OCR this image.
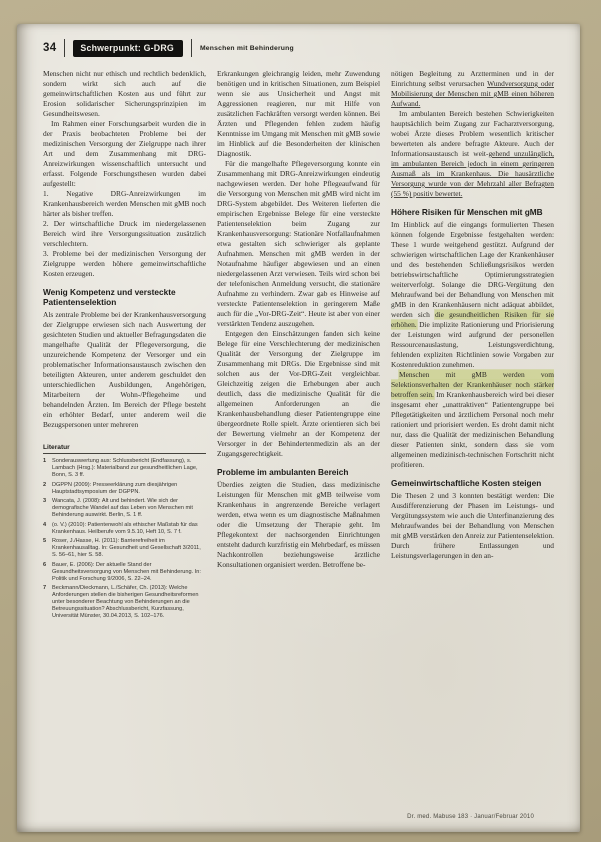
34	Schwerpunkt: G-DRG	Menschen mit Behinderung

Menschen nicht nur ethisch und rechtlich bedenklich, sondern wirkt sich auch auf die gemeinwirtschaftlichen Kosten aus und führt zur Erosion solidarischer Sicherungsprinzipien im Gesundheitswesen.

Im Rahmen einer Forschungsarbeit wurden die in der Praxis beobachteten Probleme bei der medizinischen Versorgung der Zielgruppe nach ihrer Art und dem Zusammenhang mit DRG-Anreizwirkungen wissenschaftlich untersucht und erfasst. Folgende Forschungsthesen wurden dabei aufgestellt:

1. Negative DRG-Anreizwirkungen im Krankenhausbereich werden Menschen mit gMB noch härter als bisher treffen.

2. Der wirtschaftliche Druck im niedergelassenen Bereich wird ihre Versorgungssituation zusätzlich verschlechtern.

3. Probleme bei der medizinischen Versorgung der Zielgruppe werden höhere gemeinwirtschaftliche Kosten erzeugen.

Wenig Kompetenz und versteckte Patientenselektion

Als zentrale Probleme bei der Krankenhausversorgung der Zielgruppe erwiesen sich nach Auswertung der gesichteten Studien und aktueller Befragungsdaten die mangelhafte Qualität der Pflegeversorgung, die unzureichende Kompetenz der Versorger und ein problematischer Informationsaustausch zwischen den beteiligten Akteuren, unter anderem geschuldet den unterschiedlichen Ausbildungen, Angehörigen, Mitarbeitern der Wohn-/Pflegeheime und behandelnden Ärzten. Im Bereich der Pflege besteht ein erhöhter Bedarf, unter anderem weil die Bezugspersonen unter mehreren

Literatur
1	Sonderauswertung aus: Schlussbericht (Endfassung), s. Lambach (Hrsg.): Materialband zur gesundheitlichen Lage, Bonn, S. 3 ff.
2	DGPPN (2009): Presseerklärung zum diesjährigen Hauptstadtsymposium der DGPPN.
3	Wancata, J. (2008): Alt und behindert. Wie sich der demografische Wandel auf das Leben von Menschen mit Behinderung auswirkt. Berlin, S. 1 ff.
4	(o. V.) (2010): Patientenwohl als ethischer Maßstab für das Krankenhaus. Heilberufe vom 9.5.10, Heft 10, S. 7 f.
5	Roser, J./Hasse, H. (2011): Barrierefreiheit im Krankenhausalltag. In: Gesundheit und Gesellschaft 3/2011, S. 56–61, hier S. 58.
6	Bauer, E. (2006): Der aktuelle Stand der Gesundheitsversorgung von Menschen mit Behinderung. In: Politik und Forschung 9/2006, S. 22–24.
7	Beckmann/Dieckmann, L./Schäfer, Ch. (2013): Welche Anforderungen stellen die bisherigen Gesundheitsreformen unter besonderer Beachtung von Behinderungen an die Betreuungssituation? Abschlussbericht, Kurzfassung, Universität Münster, 30.04.2013, S. 102–176.

Erkrankungen gleichrangig leiden, mehr Zuwendung benötigen und in kritischen Situationen, zum Beispiel wenn sie aus Unsicherheit und Angst mit Aggressionen reagieren, nur mit Hilfe von zusätzlichen Fachkräften versorgt werden können. Bei Ärzten und Pflegenden fehlen zudem häufig Kenntnisse im Umgang mit Menschen mit gMB sowie im Hinblick auf die Besonderheiten der klinischen Diagnostik.

Für die mangelhafte Pflegeversorgung konnte ein Zusammenhang mit DRG-Anreizwirkungen eindeutig nachgewiesen werden. Der hohe Pflegeaufwand für die Versorgung von Menschen mit gMB wird nicht im DRG-System abgebildet. Des Weiteren lieferten die empirischen Ergebnisse Belege für eine versteckte Patientenselektion beim Zugang zur Krankenhausversorgung: Stationäre Notfallaufnahmen etwa gestalten sich schwieriger als geplante Aufnahmen. Menschen mit gMB werden in der Notaufnahme häufiger abgewiesen und an einen niedergelassenen Arzt verwiesen. Teils wird schon bei der telefonischen Anmeldung versucht, die stationäre Aufnahme zu verhindern. Zwar gab es Hinweise auf versteckte Patientenselektion in geringerem Maße auch für die „Vor-DRG-Zeit“. Heute ist aber von einer verstärkten Tendenz auszugehen.

Entgegen den Einschätzungen fanden sich keine Belege für eine Verschlechterung der medizinischen Qualität der Versorgung der Zielgruppe im Zusammenhang mit DRGs. Die Ergebnisse sind mit solchen aus der Vor-DRG-Zeit vergleichbar. Gleichzeitig zeigen die Erhebungen aber auch deutlich, dass die medizinische Qualität für die allgemeinen Anforderungen an die Krankenhausbehandlung dieser Patientengruppe eine übergeordnete Rolle spielt. Ärzte orientieren sich bei der Bewertung vielmehr an der Kompetenz der Versorger in der Behindertenmedizin als an der Zugangsgerechtigkeit.

Probleme im ambulanten Bereich

Überdies zeigten die Studien, dass medizinische Leistungen für Menschen mit gMB teilweise vom Krankenhaus in angrenzende Bereiche verlagert werden, etwa wenn es um diagnostische Maßnahmen oder die Umsetzung der Therapie geht. Im Pflegekontext der nachsorgenden Einrichtungen entsteht dadurch kurzfristig ein Mehrbedarf, es müssen Nachkontrollen beziehungsweise ärztliche Konsultationen organisiert werden. Betroffene be-

nötigen Begleitung zu Arztterminen und in der Einrichtung selbst verursachen Wundversorgung oder Mobilisierung der Menschen mit gMB einen höheren Aufwand.

Im ambulanten Bereich bestehen Schwierigkeiten hauptsächlich beim Zugang zur Facharztversorgung, wobei Ärzte dieses Problem wesentlich kritischer bewerteten als andere befragte Akteure. Auch der Informationsaustausch ist weit-gehend unzulänglich, im ambulanten Bereich jedoch in einem geringeren Ausmaß als im Krankenhaus. Die hausärztliche Versorgung wurde von der Mehrzahl aller Befragten (55 %) positiv bewertet.

Höhere Risiken für Menschen mit gMB

Im Hinblick auf die eingangs formulierten Thesen können folgende Ergebnisse festgehalten werden: These 1 wurde weitgehend gestützt. Aufgrund der schwierigen wirtschaftlichen Lage der Krankenhäuser und des bestehenden Schließungsrisikos werden betriebswirtschaftliche Optimierungsstrategien weiterverfolgt. Solange die DRG-Vergütung den Mehraufwand bei der Behandlung von Menschen mit gMB in den Krankenhäusern nicht adäquat abbildet, werden sich die gesundheitlichen Risiken für sie erhöhen. Die implizite Rationierung und Priorisierung der Leistungen wird aufgrund der personellen Ressourcenauslastung, Leistungsverdichtung, fehlenden expliziten Richtlinien sowie Vorgaben zur Kostenreduktion zunehmen.

Menschen mit gMB werden vom Selektionsverhalten der Krankenhäuser noch stärker betroffen sein. Im Krankenhausbereich wird bei dieser insgesamt eher „unattraktiven“ Patientengruppe bei Pflegetätigkeiten und ärztlichem Personal noch mehr rationiert und priorisiert werden. Es droht damit nicht nur, dass die Qualität der medizinischen Behandlung dieser Patienten sinkt, sondern dass sie vom allgemeinen medizinisch-technischen Fortschritt nicht profitieren.

Gemeinwirtschaftliche Kosten steigen

Die Thesen 2 und 3 konnten bestätigt werden: Die Ausdifferenzierung der Phasen im Leistungs- und Vergütungssystem wie auch die Unterfinanzierung des Mehraufwandes bei der Behandlung von Menschen mit gMB verstärken den Anreiz zur Patientenselektion. Durch frühere Entlassungen und Leistungsverlagerungen in den an-

Dr. med. Mabuse 183 · Januar/Februar 2010
